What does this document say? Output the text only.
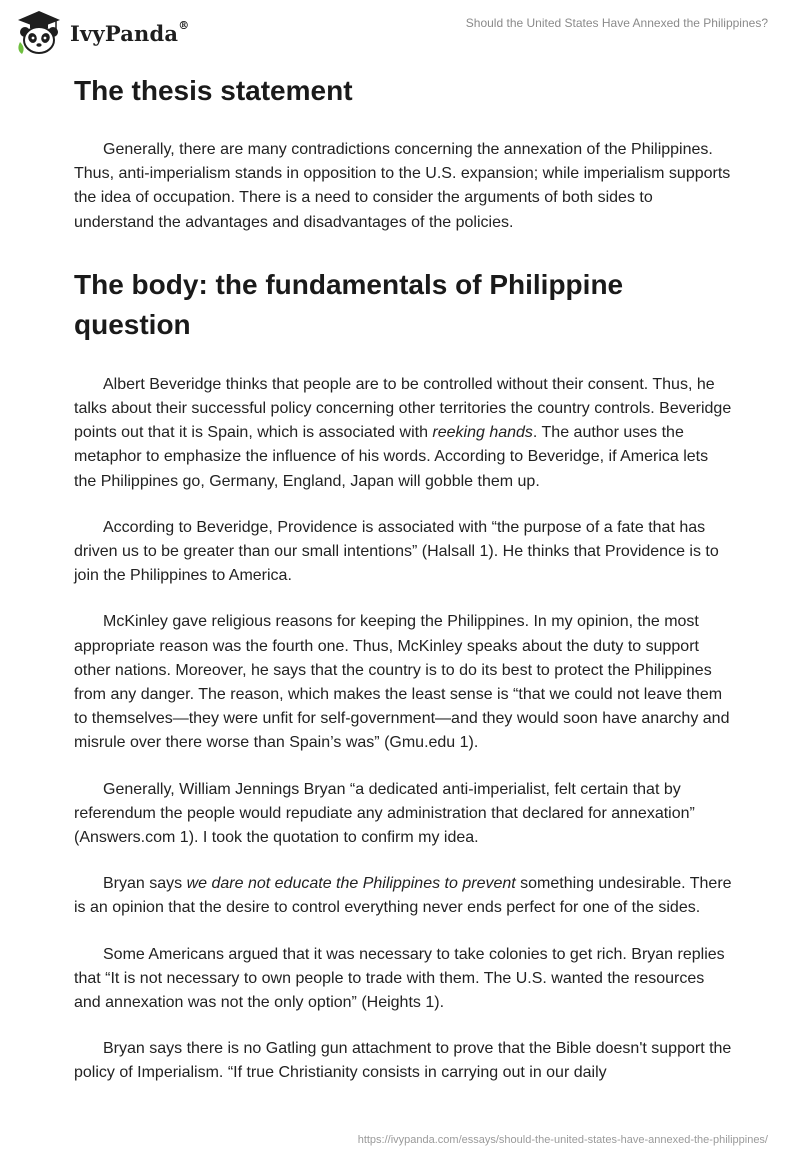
IvyPanda®	Should the United States Have Annexed the Philippines?
The thesis statement

Generally, there are many contradictions concerning the annexation of the Philippines. Thus, anti-imperialism stands in opposition to the U.S. expansion; while imperialism supports the idea of occupation. There is a need to consider the arguments of both sides to understand the advantages and disadvantages of the policies.

The body: the fundamentals of Philippine question

Albert Beveridge thinks that people are to be controlled without their consent. Thus, he talks about their successful policy concerning other territories the country controls. Beveridge points out that it is Spain, which is associated with reeking hands. The author uses the metaphor to emphasize the influence of his words. According to Beveridge, if America lets the Philippines go, Germany, England, Japan will gobble them up.

According to Beveridge, Providence is associated with “the purpose of a fate that has driven us to be greater than our small intentions” (Halsall 1). He thinks that Providence is to join the Philippines to America.

McKinley gave religious reasons for keeping the Philippines. In my opinion, the most appropriate reason was the fourth one. Thus, McKinley speaks about the duty to support other nations. Moreover, he says that the country is to do its best to protect the Philippines from any danger. The reason, which makes the least sense is “that we could not leave them to themselves—they were unfit for self-government—and they would soon have anarchy and misrule over there worse than Spain’s was” (Gmu.edu 1).

Generally, William Jennings Bryan “a dedicated anti-imperialist, felt certain that by referendum the people would repudiate any administration that declared for annexation” (Answers.com 1). I took the quotation to confirm my idea.

Bryan says we dare not educate the Philippines to prevent something undesirable. There is an opinion that the desire to control everything never ends perfect for one of the sides.

Some Americans argued that it was necessary to take colonies to get rich. Bryan replies that “It is not necessary to own people to trade with them. The U.S. wanted the resources and annexation was not the only option” (Heights 1).

Bryan says there is no Gatling gun attachment to prove that the Bible doesn't support the policy of Imperialism. “If true Christianity consists in carrying out in our daily

https://ivypanda.com/essays/should-the-united-states-have-annexed-the-philippines/
